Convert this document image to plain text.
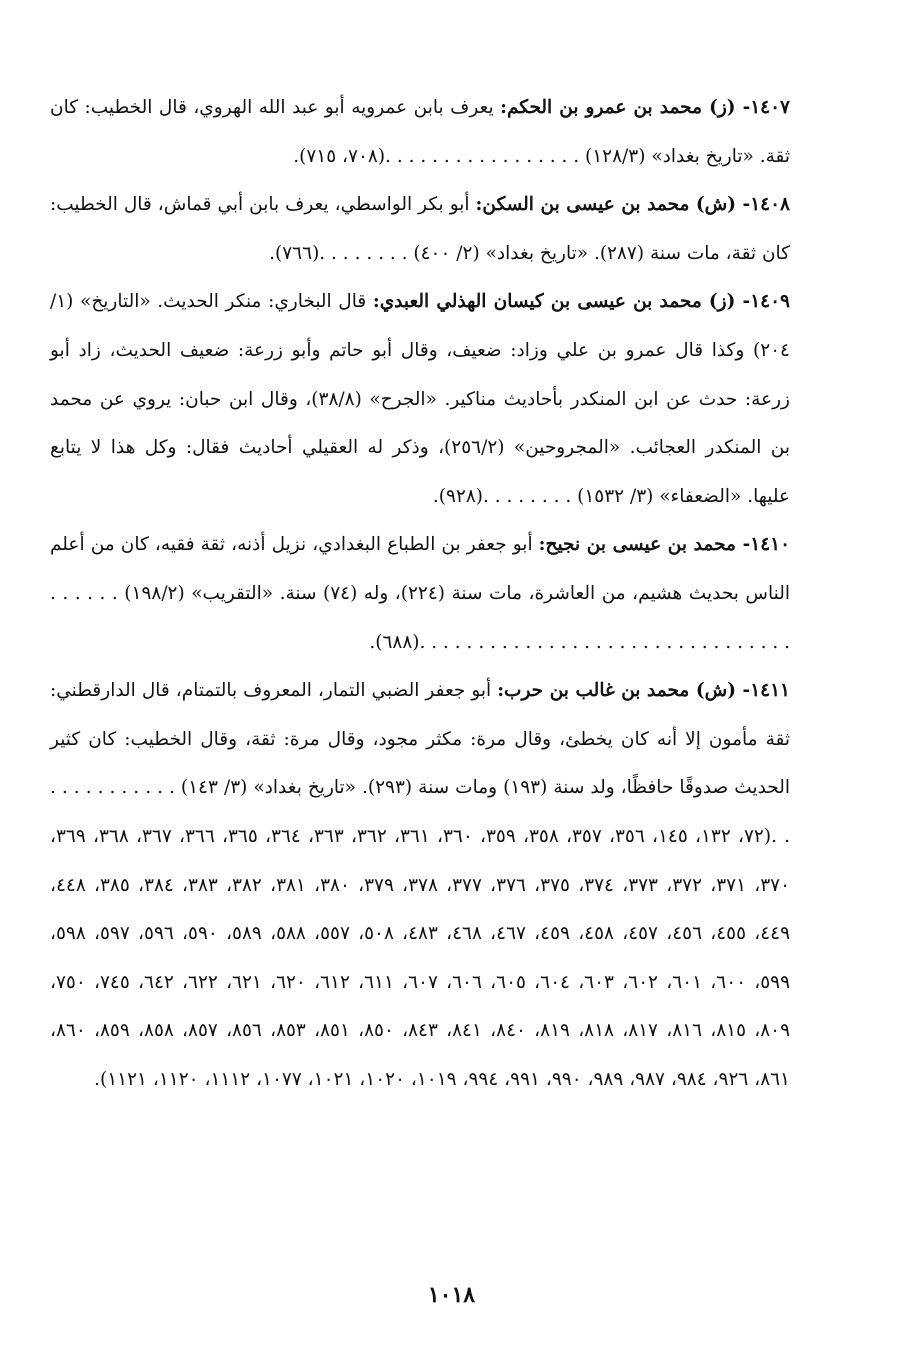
١٤٠٧- (ز) محمد بن عمرو بن الحكم: يعرف بابن عمرويه أبو عبد الله الهروي، قال الخطيب: كان ثقة. «تاريخ بغداد» (١٢٨/٣) . . . . . . . . . . . . . . . . .(٧٠٨، ٧١٥).

١٤٠٨- (ش) محمد بن عيسى بن السكن: أبو بكر الواسطي، يعرف بابن أبي قماش، قال الخطيب: كان ثقة، مات سنة (٢٨٧). «تاريخ بغداد» (٢/ ٤٠٠) . . . . . . . .(٧٦٦).

١٤٠٩- (ز) محمد بن عيسى بن كيسان الهذلي العبدي: قال البخاري: منكر الحديث. «التاريخ» (١/ ٢٠٤) وكذا قال عمرو بن علي وزاد: ضعيف، وقال أبو حاتم وأبو زرعة: ضعيف الحديث، زاد أبو زرعة: حدث عن ابن المنكدر بأحاديث مناكير. «الجرح» (٣٨/٨)، وقال ابن حبان: يروي عن محمد بن المنكدر العجائب. «المجروحين» (٢٥٦/٢)، وذكر له العقيلي أحاديث فقال: وكل هذا لا يتابع عليها. «الضعفاء» (٣/ ١٥٣٢) . . . . . . . .(٩٢٨).

١٤١٠- محمد بن عيسى بن نجيح: أبو جعفر بن الطباع البغدادي، نزيل أذنه، ثقة فقيه، كان من أعلم الناس بحديث هشيم، من العاشرة، مات سنة (٢٢٤)، وله (٧٤) سنة. «التقريب» (١٩٨/٢) . . . . . . . . . . . . . . . . . . . . . . . . . . . . . . . . . . . . . .(٦٨٨).

١٤١١- (ش) محمد بن غالب بن حرب: أبو جعفر الضبي التمار، المعروف بالتمتام، قال الدارقطني: ثقة مأمون إلا أنه كان يخطئ، وقال مرة: مكثر مجود، وقال مرة: ثقة، وقال الخطيب: كان كثير الحديث صدوقًا حافظًا، ولد سنة (١٩٣) ومات سنة (٢٩٣). «تاريخ بغداد» (٣/ ١٤٣) . . . . . . . . . . . . .(٧٢، ١٣٢، ١٤٥، ٣٥٦، ٣٥٧، ٣٥٨، ٣٥٩، ٣٦٠، ٣٦١، ٣٦٢، ٣٦٣، ٣٦٤، ٣٦٥، ٣٦٦، ٣٦٧، ٣٦٨، ٣٦٩، ٣٧٠، ٣٧١، ٣٧٢، ٣٧٣، ٣٧٤، ٣٧٥، ٣٧٦، ٣٧٧، ٣٧٨، ٣٧٩، ٣٨٠، ٣٨١، ٣٨٢، ٣٨٣، ٣٨٤، ٣٨٥، ٤٤٨، ٤٤٩، ٤٥٥، ٤٥٦، ٤٥٧، ٤٥٨، ٤٥٩، ٤٦٧، ٤٦٨، ٤٨٣، ٥٠٨، ٥٥٧، ٥٨٨، ٥٨٩، ٥٩٠، ٥٩٦، ٥٩٧، ٥٩٨، ٥٩٩، ٦٠٠، ٦٠١، ٦٠٢، ٦٠٣، ٦٠٤، ٦٠٥، ٦٠٦، ٦٠٧، ٦١١، ٦١٢، ٦٢٠، ٦٢١، ٦٢٢، ٦٤٢، ٧٤٥، ٧٥٠، ٨٠٩، ٨١٥، ٨١٦، ٨١٧، ٨١٨، ٨١٩، ٨٤٠، ٨٤١، ٨٤٣، ٨٥٠، ٨٥١، ٨٥٣، ٨٥٦، ٨٥٧، ٨٥٨، ٨٥٩، ٨٦٠، ٨٦١، ٩٢٦، ٩٨٤، ٩٨٧، ٩٨٩، ٩٩٠، ٩٩١، ٩٩٤، ١٠١٩، ١٠٢٠، ١٠٢١، ١٠٧٧، ١١١٢، ١١٢٠، ١١٢١).

١٠١٨
